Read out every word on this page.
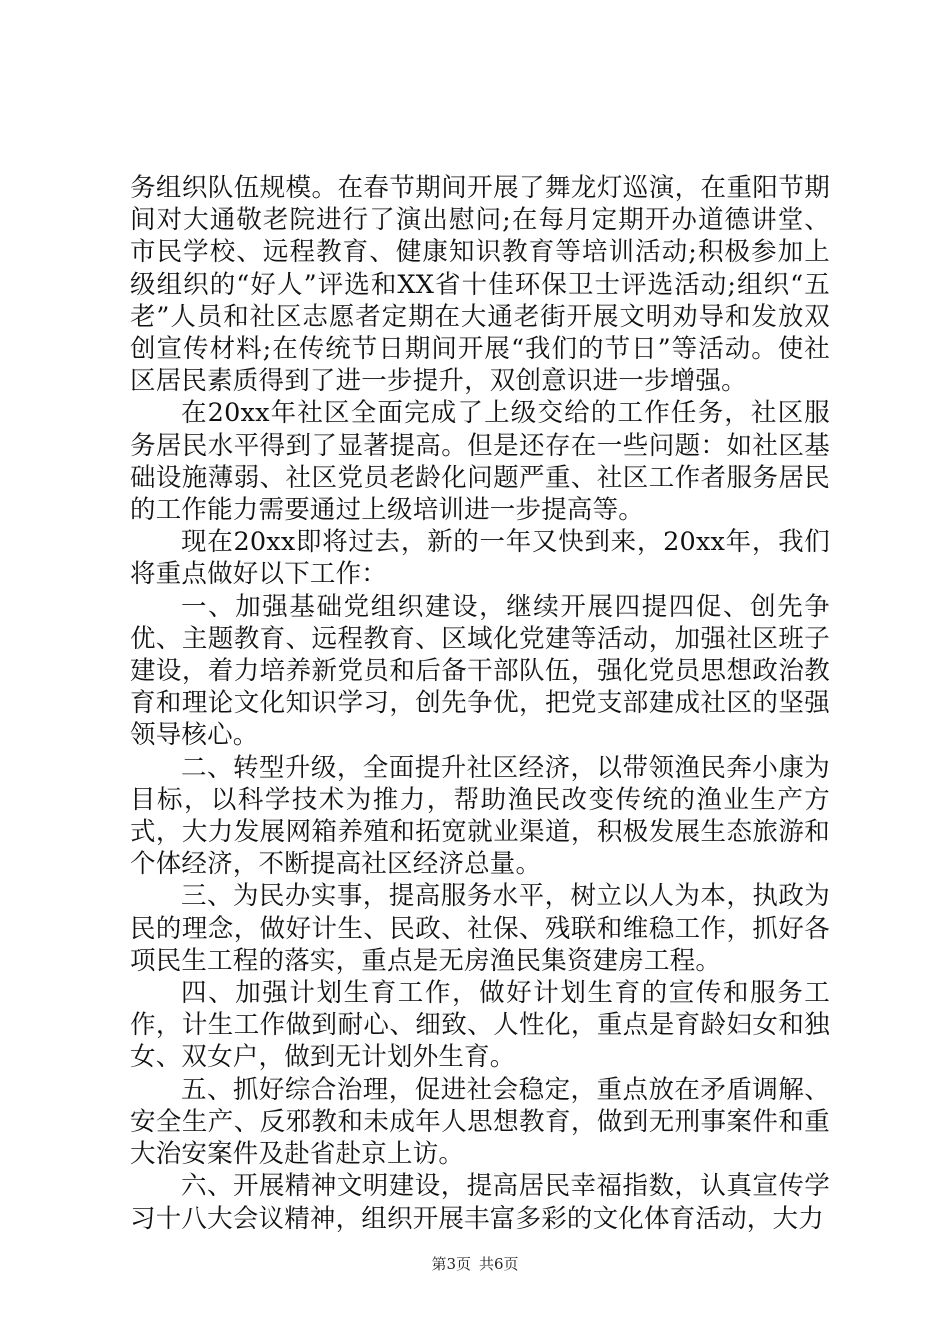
务组织队伍规模。在春节期间开展了舞龙灯巡演，在重阳节期间对大通敬老院进行了演出慰问;在每月定期开办道德讲堂、市民学校、远程教育、健康知识教育等培训活动;积极参加上级组织的“好人”评选和XX省十佳环保卫士评选活动;组织“五老”人员和社区志愿者定期在大通老街开展文明劝导和发放双创宣传材料;在传统节日期间开展“我们的节日”等活动。使社区居民素质得到了进一步提升，双创意识进一步增强。

在20xx年社区全面完成了上级交给的工作任务，社区服务居民水平得到了显著提高。但是还存在一些问题：如社区基础设施薄弱、社区党员老龄化问题严重、社区工作者服务居民的工作能力需要通过上级培训进一步提高等。

现在20xx即将过去，新的一年又快到来，20xx年，我们将重点做好以下工作：

一、加强基础党组织建设，继续开展四提四促、创先争优、主题教育、远程教育、区域化党建等活动，加强社区班子建设，着力培养新党员和后备干部队伍，强化党员思想政治教育和理论文化知识学习，创先争优，把党支部建成社区的坚强领导核心。

二、转型升级，全面提升社区经济，以带领渔民奔小康为目标，以科学技术为推力，帮助渔民改变传统的渔业生产方式，大力发展网箱养殖和拓宽就业渠道，积极发展生态旅游和个体经济，不断提高社区经济总量。

三、为民办实事，提高服务水平，树立以人为本，执政为民的理念，做好计生、民政、社保、残联和维稳工作，抓好各项民生工程的落实，重点是无房渔民集资建房工程。

四、加强计划生育工作，做好计划生育的宣传和服务工作，计生工作做到耐心、细致、人性化，重点是育龄妇女和独女、双女户，做到无计划外生育。

五、抓好综合治理，促进社会稳定，重点放在矛盾调解、安全生产、反邪教和未成年人思想教育，做到无刑事案件和重大治安案件及赴省赴京上访。

六、开展精神文明建设，提高居民幸福指数，认真宣传学习十八大会议精神，组织开展丰富多彩的文化体育活动，大力

第3页 共6页
